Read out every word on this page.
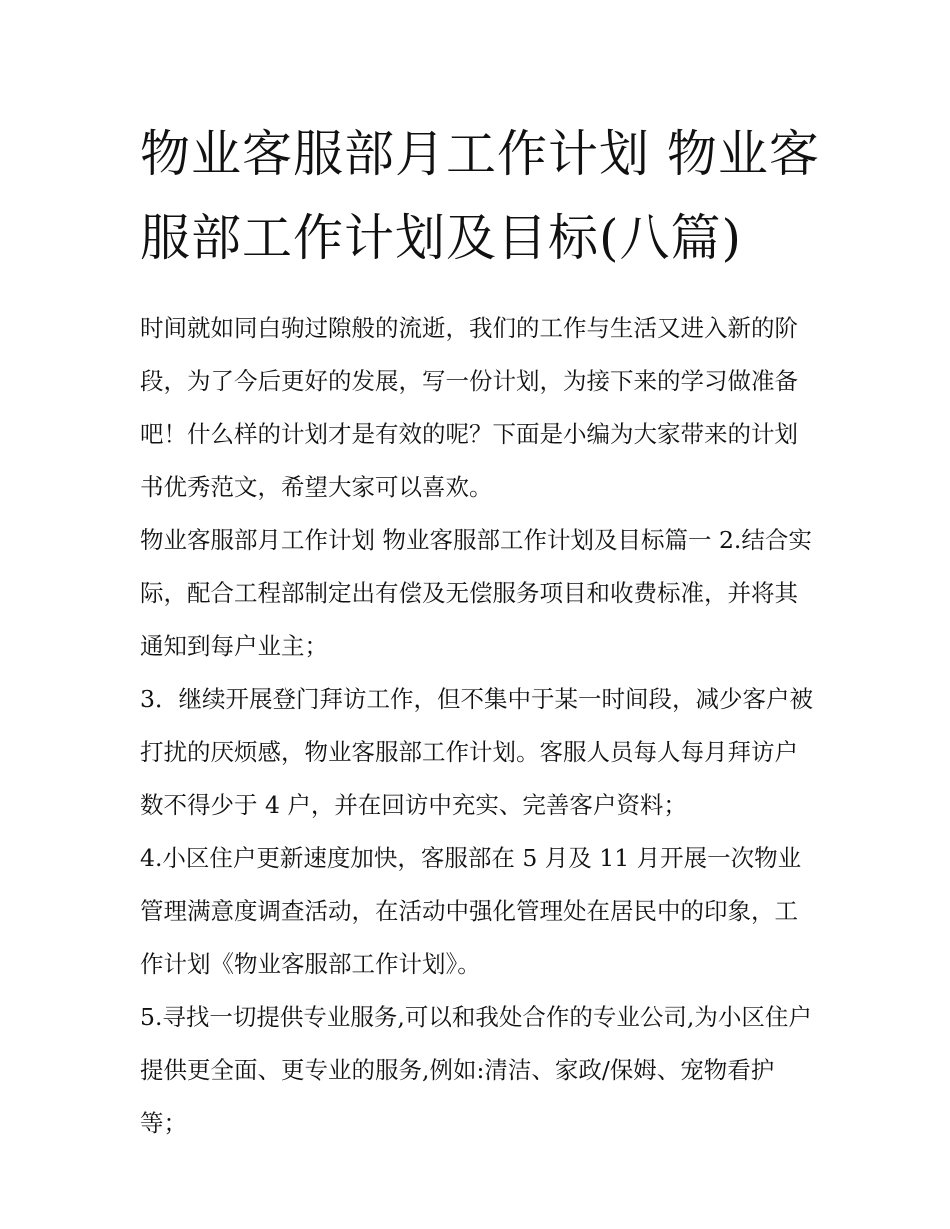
物业客服部月工作计划 物业客服部工作计划及目标(八篇)

时间就如同白驹过隙般的流逝，我们的工作与生活又进入新的阶段，为了今后更好的发展，写一份计划，为接下来的学习做准备吧！什么样的计划才是有效的呢？下面是小编为大家带来的计划书优秀范文，希望大家可以喜欢。

物业客服部月工作计划 物业客服部工作计划及目标篇一 2.结合实际，配合工程部制定出有偿及无偿服务项目和收费标准，并将其通知到每户业主；

3．继续开展登门拜访工作，但不集中于某一时间段，减少客户被打扰的厌烦感，物业客服部工作计划。客服人员每人每月拜访户数不得少于 4 户，并在回访中充实、完善客户资料；

4.小区住户更新速度加快，客服部在 5 月及 11 月开展一次物业管理满意度调查活动，在活动中强化管理处在居民中的印象，工作计划《物业客服部工作计划》。

5.寻找一切提供专业服务,可以和我处合作的专业公司,为小区住户提供更全面、更专业的服务,例如:清洁、家政/保姆、宠物看护等；
